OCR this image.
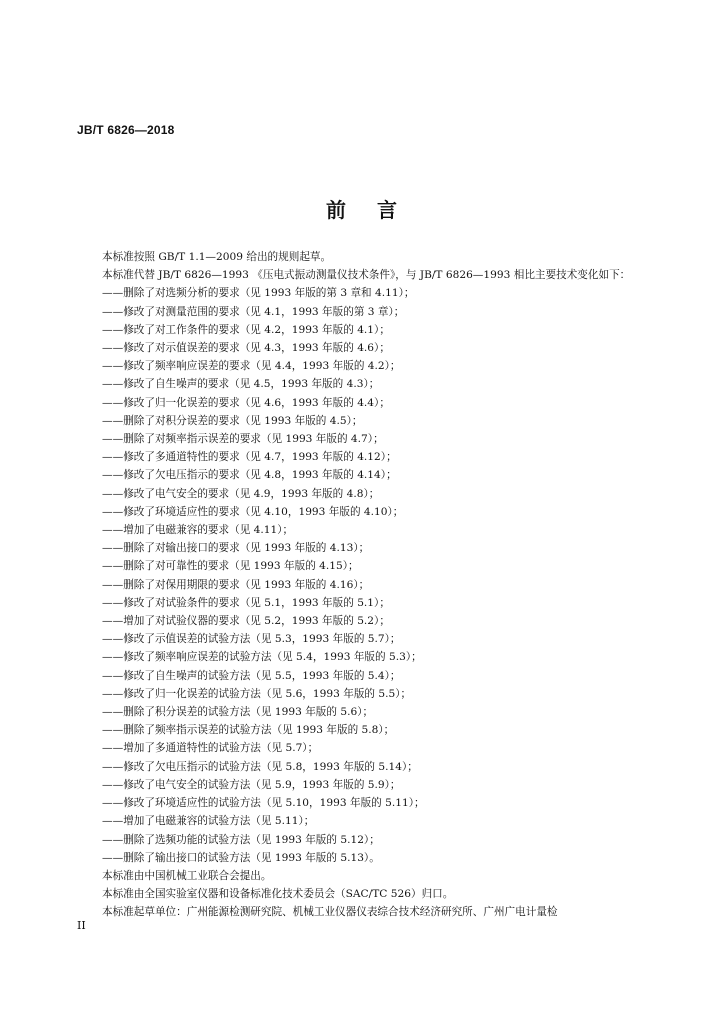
JB/T 6826—2018
前 言
本标准按照 GB/T 1.1—2009 给出的规则起草。
本标准代替 JB/T 6826—1993 《压电式振动测量仪技术条件》，与 JB/T 6826—1993 相比主要技术变化如下：
——删除了对选频分析的要求（见 1993 年版的第 3 章和 4.11）；
——修改了对测量范围的要求（见 4.1，1993 年版的第 3 章）；
——修改了对工作条件的要求（见 4.2，1993 年版的 4.1）；
——修改了对示值误差的要求（见 4.3，1993 年版的 4.6）；
——修改了频率响应误差的要求（见 4.4，1993 年版的 4.2）；
——修改了自生噪声的要求（见 4.5，1993 年版的 4.3）；
——修改了归一化误差的要求（见 4.6，1993 年版的 4.4）；
——删除了对积分误差的要求（见 1993 年版的 4.5）；
——删除了对频率指示误差的要求（见 1993 年版的 4.7）；
——修改了多通道特性的要求（见 4.7，1993 年版的 4.12）；
——修改了欠电压指示的要求（见 4.8，1993 年版的 4.14）；
——修改了电气安全的要求（见 4.9，1993 年版的 4.8）；
——修改了环境适应性的要求（见 4.10，1993 年版的 4.10）；
——增加了电磁兼容的要求（见 4.11）；
——删除了对输出接口的要求（见 1993 年版的 4.13）；
——删除了对可靠性的要求（见 1993 年版的 4.15）；
——删除了对保用期限的要求（见 1993 年版的 4.16）；
——修改了对试验条件的要求（见 5.1，1993 年版的 5.1）；
——增加了对试验仪器的要求（见 5.2，1993 年版的 5.2）；
——修改了示值误差的试验方法（见 5.3，1993 年版的 5.7）；
——修改了频率响应误差的试验方法（见 5.4，1993 年版的 5.3）；
——修改了自生噪声的试验方法（见 5.5，1993 年版的 5.4）；
——修改了归一化误差的试验方法（见 5.6，1993 年版的 5.5）；
——删除了积分误差的试验方法（见 1993 年版的 5.6）；
——删除了频率指示误差的试验方法（见 1993 年版的 5.8）；
——增加了多通道特性的试验方法（见 5.7）；
——修改了欠电压指示的试验方法（见 5.8，1993 年版的 5.14）；
——修改了电气安全的试验方法（见 5.9，1993 年版的 5.9）；
——修改了环境适应性的试验方法（见 5.10，1993 年版的 5.11）；
——增加了电磁兼容的试验方法（见 5.11）；
——删除了选频功能的试验方法（见 1993 年版的 5.12）；
——删除了输出接口的试验方法（见 1993 年版的 5.13）。
本标准由中国机械工业联合会提出。
本标准由全国实验室仪器和设备标准化技术委员会（SAC/TC 526）归口。
本标准起草单位：广州能源检测研究院、机械工业仪器仪表综合技术经济研究所、广州广电计量检
II
